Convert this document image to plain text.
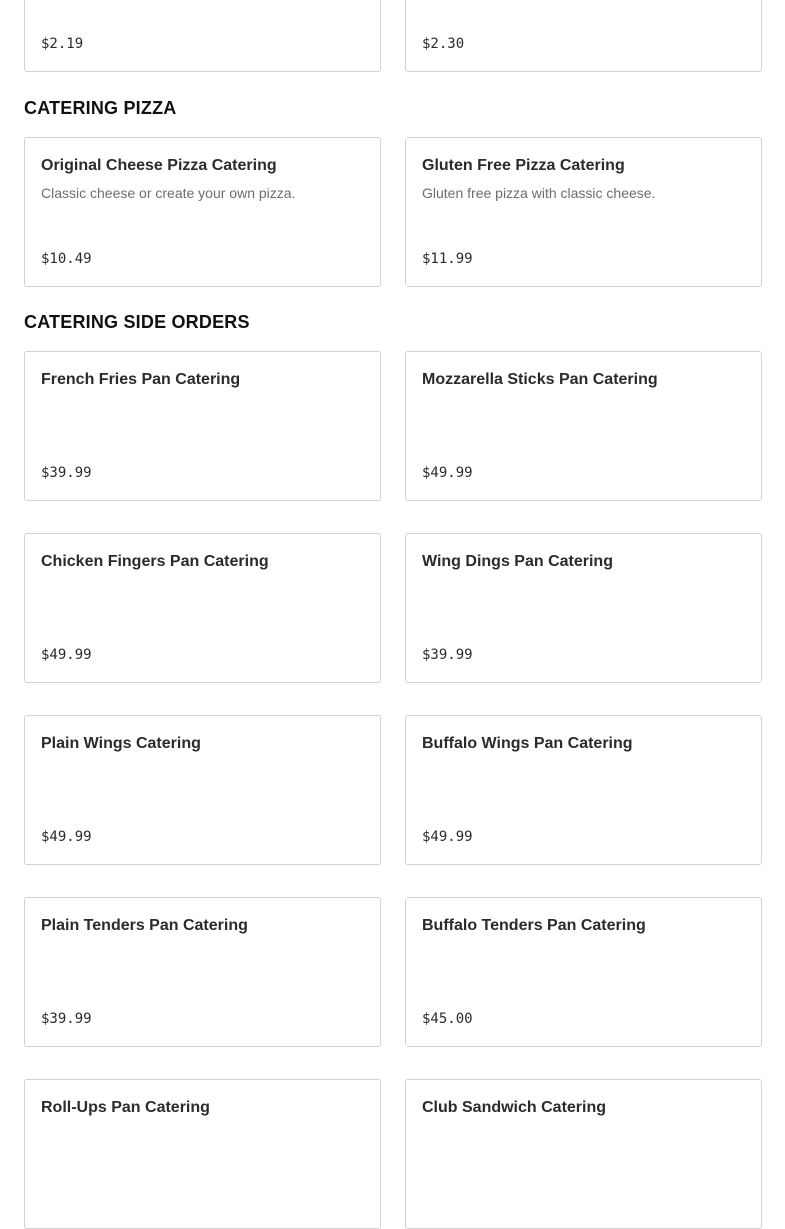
$2.19	$2.30
CATERING PIZZA
Original Cheese Pizza Catering
Classic cheese or create your own pizza.
$10.49
Gluten Free Pizza Catering
Gluten free pizza with classic cheese.
$11.99
CATERING SIDE ORDERS
French Fries Pan Catering
$39.99
Mozzarella Sticks Pan Catering
$49.99
Chicken Fingers Pan Catering
$49.99
Wing Dings Pan Catering
$39.99
Plain Wings Catering
$49.99
Buffalo Wings Pan Catering
$49.99
Plain Tenders Pan Catering
$39.99
Buffalo Tenders Pan Catering
$45.00
Roll-Ups Pan Catering	Club Sandwich Catering
